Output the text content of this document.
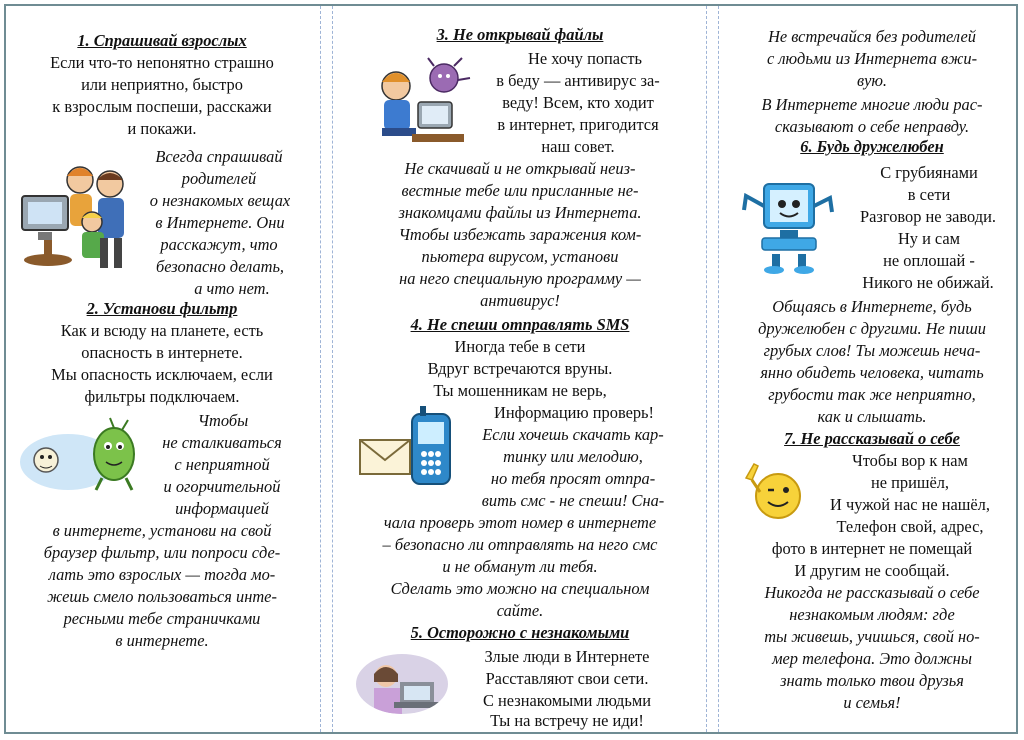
1. Спрашивай взрослых
Если что-то непонятно страшно
или неприятно, быстро
к взрослым поспеши, расскажи
и покажи.
Всегда спрашивай
родителей
о незнакомых вещах
в Интернете. Они
расскажут, что
безопасно делать,
а что нет.
2. Установи фильтр
Как и всюду на планете, есть
опасность в интернете.
Мы опасность исключаем, если
фильтры подключаем.
Чтобы
не сталкиваться
с неприятной
и огорчительной
информацией
в интернете, установи на свой
браузер фильтр, или попроси сде-
лать это взрослых — тогда мо-
жешь смело пользоваться инте-
ресными тебе страничками
в интернете.
3. Не открывай файлы
Не хочу попасть
в беду — антивирус за-
веду! Всем, кто ходит
в интернет, пригодится
наш совет.
Не скачивай и не открывай неиз-
вестные тебе или присланные не-
знакомцами файлы из Интернета.
Чтобы избежать заражения ком-
пьютера вирусом, установи
на него специальную программу —
антивирус!
4. Не спеши отправлять SMS
Иногда тебе в сети
Вдруг встречаются вруны.
Ты мошенникам не верь,
Информацию проверь!
Если хочешь скачать кар-
тинку или мелодию,
но тебя просят отпра-
вить смс - не спеши! Сна-
чала проверь этот номер в интернете
– безопасно ли отправлять на него смс
и не обманут ли тебя.
Сделать это можно на специальном
сайте.
5. Осторожно с незнакомыми
Злые люди в Интернете
Расставляют свои сети.
С незнакомыми людьми
Ты на встречу не иди!
Не встречайся без родителей
с людьми из Интернета вжи-
вую.
В Интернете многие люди рас-
сказывают о себе неправду.
6. Будь дружелюбен
С грубиянами
в сети
Разговор не заводи.
Ну и сам
не оплошай -
Никого не обижай.
Общаясь в Интернете, будь
дружелюбен с другими. Не пиши
грубых слов! Ты можешь неча-
янно обидеть человека, читать
грубости так же неприятно,
как и слышать.
7. Не рассказывай о себе
Чтобы вор к нам
не пришёл,
И чужой нас не нашёл,
Телефон свой, адрес,
фото в интернет не помещай
И другим не сообщай.
Никогда не рассказывай о себе
незнакомым людям: где
ты живешь, учишься, свой но-
мер телефона. Это должны
знать только твои друзья
и семья!
